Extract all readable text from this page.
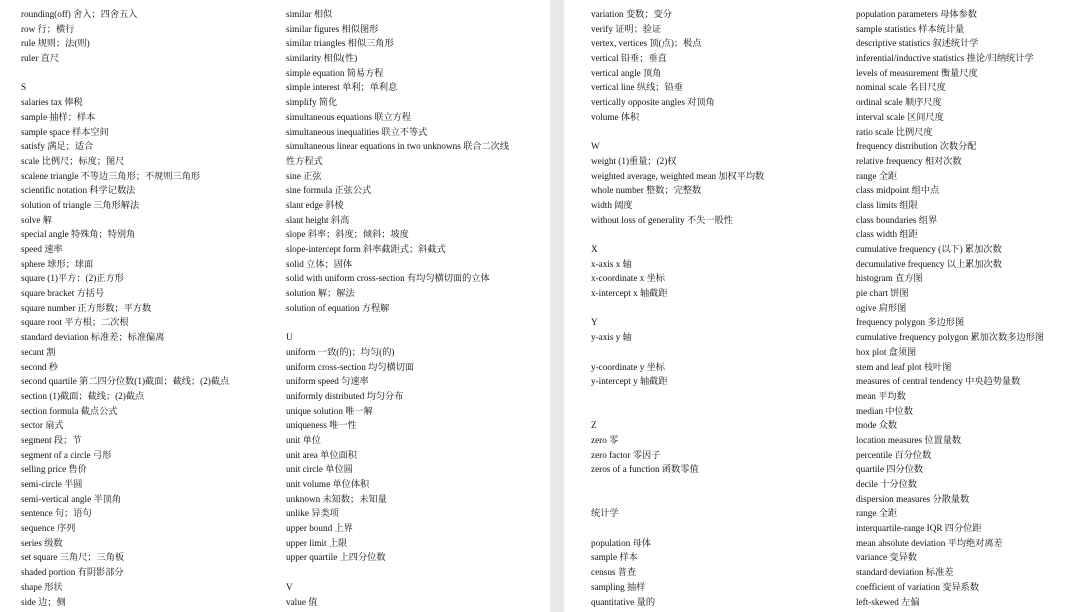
rounding(off) 舍入；四舍五入
row 行；横行
rule 规则；法(则)
ruler 直尺
S
salaries tax 俸税
sample 抽样；样本
sample space 样本空间
satisfy 满足；适合
scale 比例尺；标度；图尺
scalene triangle 不等边三角形；不规则三角形
scientific notation 科学记数法
solution of triangle 三角形解法
solve 解
special angle 特殊角；特别角
speed 速率
sphere 球形；球面
square (1)平方；(2)正方形
square bracket 方括号
square number 正方形数；平方数
square root 平方根；二次根
standard deviation 标准差；标准偏离
secant 割
second 秒
second quartile 第二四分位数(1)截面；截线；(2)截点
section (1)截面；截线；(2)截点
section formula 截点公式
sector 扇式
segment 段；节
segment of a circle 弓形
selling price 售价
semi-circle 半圆
semi-vertical angle 半顶角
sentence 句；语句
sequence 序列
series 级数
set square 三角尺；三角板
shaded portion 有阴影部分
shape 形状
side 边；侧
similar 相似
similar figures 相似图形
similar triangles 相似三角形
similarity 相似(性)
simple equation 简易方程
simple interest 单利；单利息
simplify 简化
simultaneous equations 联立方程
simultaneous inequalities 联立不等式
simultaneous linear equations in two unknowns 联合二次线
性方程式
sine 正弦
sine formula 正弦公式
slant edge 斜棱
slant height 斜高
slope 斜率；斜度；倾斜；坡度
slope-intercept form 斜率截距式；斜截式
solid 立体；固体
solid with uniform cross-section 有均匀横切面的立体
solution 解；解法
solution of equation 方程解
U
uniform 一致(的)；均匀(的)
uniform cross-section 均匀横切面
uniform speed 匀速率
uniformly distributed 均匀分布
unique solution 唯一解
uniqueness 唯一性
unit 单位
unit area 单位面积
unit circle 单位圆
unit volume 单位体积
unknown 未知数；未知量
unlike 异类项
upper bound 上界
upper limit 上限
upper quartile 上四分位数
V
value 值
variation 变数；变分
verify 证明；验证
vertex, vertices 顶(点)；极点
vertical 铅垂；垂直
vertical angle 顶角
vertical line 纵线；铅垂
vertically opposite angles 对顶角
volume 体积
W
weight (1)重量；(2)权
weighted average, weighted mean 加权平均数
whole number 整数；完整数
width 阔度
without loss of generality 不失一般性
X
x-axis x 轴
x-coordinate x 坐标
x-intercept x 轴截距
Y
y-axis y 轴
y-coordinate y 坐标
y-intercept y 轴截距
Z
zero 零
zero factor 零因子
zeros of a function 函数零值
统计学
population 母体
sample 样本
census 普查
sampling 抽样
quantitative 量的
population parameters 母体参数
sample statistics 样本统计量
descriptive statistics 叙述统计学
inferential/inductive statistics 推论/归纳统计学
levels of measurement 衡量尺度
nominal scale 名目尺度
ordinal scale 顺序尺度
interval scale 区间尺度
ratio scale 比例尺度
frequency distribution 次数分配
relative frequency 相对次数
range 全距
class midpoint 组中点
class limits 组限
class boundaries 组界
class width 组距
cumulative frequency (以下) 累加次数
decumulative frequency 以上累加次数
histogram 直方图
pie chart 饼图
ogive 肩形图
frequency polygon 多边形图
cumulative frequency polygon 累加次数多边形图
box plot 盒须图
stem and leaf plot 枝叶图
measures of central tendency 中央趋势量数
mean 平均数
median 中位数
mode 众数
location measures 位置量数
percentile 百分位数
quartile 四分位数
decile 十分位数
dispersion measures 分散量数
range 全距
interquartile-range IQR 四分位距
mean absolute deviation 平均绝对离差
variance 变异数
standard deviation 标准差
coefficient of variation 变异系数
left-skewed 左偏
